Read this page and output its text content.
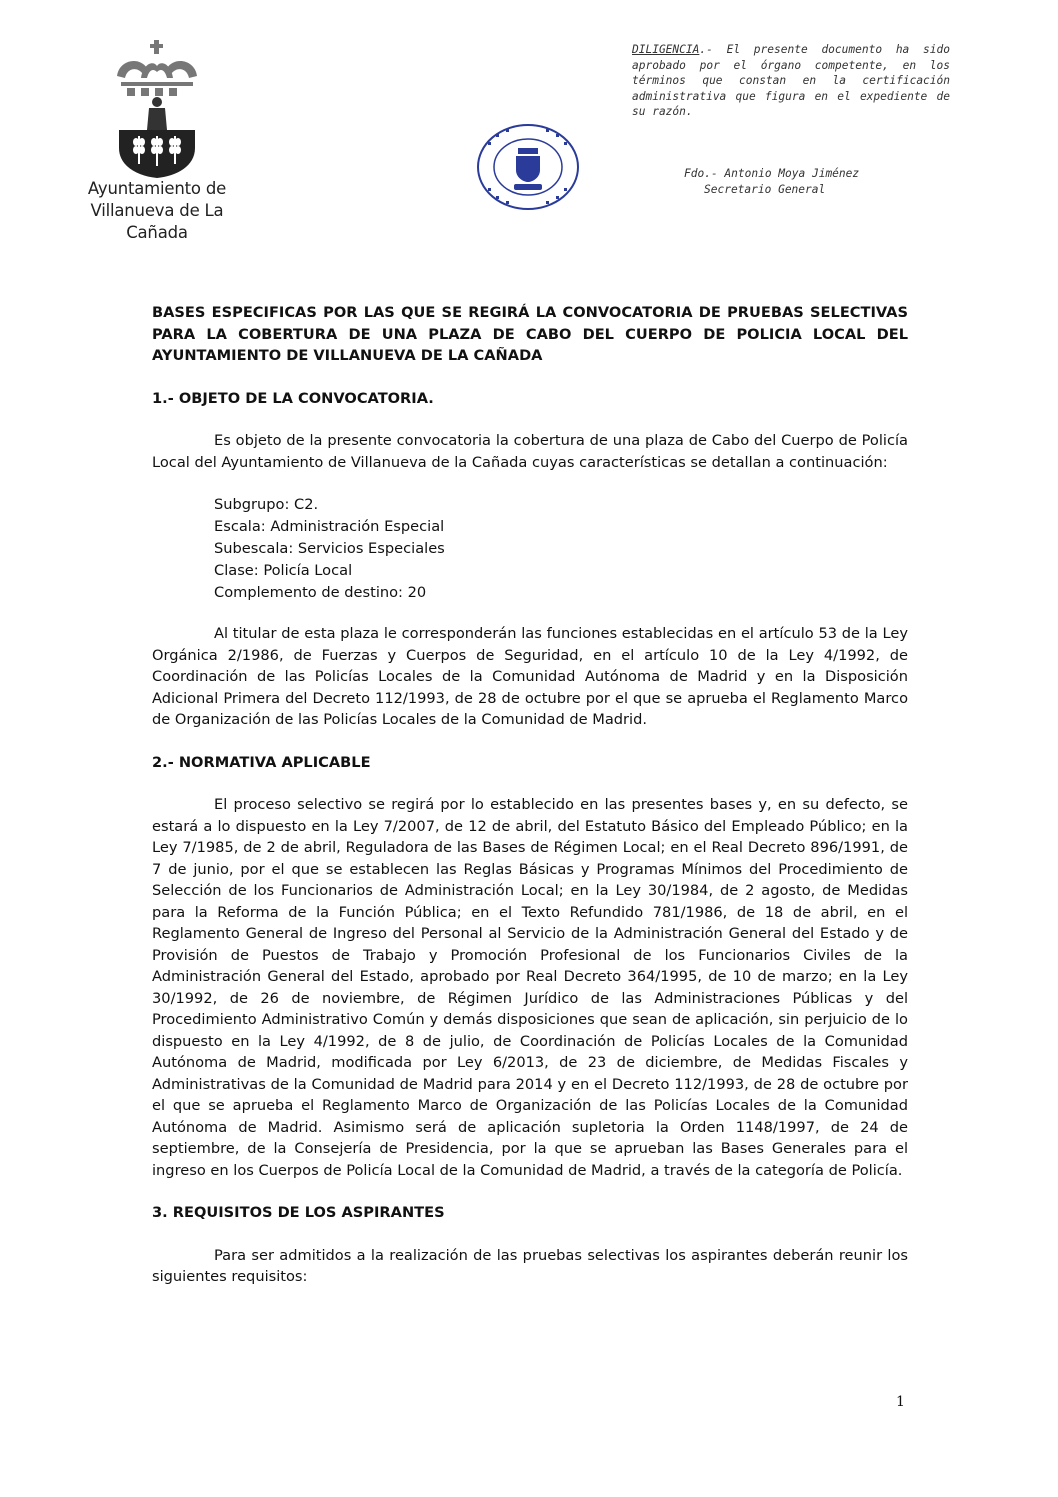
Ayuntamiento de
Villanueva de La Cañada
DILIGENCIA.- El presente documento ha sido aprobado por el órgano competente, en los términos que constan en la certificación administrativa que figura en el expediente de su razón.
Fdo.- Antonio Moya Jiménez
Secretario General

BASES ESPECIFICAS POR LAS QUE SE REGIRÁ LA CONVOCATORIA DE PRUEBAS SELECTIVAS PARA LA COBERTURA DE UNA PLAZA DE CABO DEL CUERPO DE POLICIA LOCAL DEL AYUNTAMIENTO DE VILLANUEVA DE LA CAÑADA

1.- OBJETO DE LA CONVOCATORIA.

Es objeto de la presente convocatoria la cobertura de una plaza de Cabo del Cuerpo de Policía Local del Ayuntamiento de Villanueva de la Cañada cuyas características se detallan a continuación:

Subgrupo: C2.
Escala: Administración Especial
Subescala: Servicios Especiales
Clase: Policía Local
Complemento de destino: 20

Al titular de esta plaza le corresponderán las funciones establecidas en el artículo 53 de la Ley Orgánica 2/1986, de Fuerzas y Cuerpos de Seguridad, en el artículo 10 de la Ley 4/1992, de Coordinación de las Policías Locales de la Comunidad Autónoma de Madrid y en la Disposición Adicional Primera del Decreto 112/1993, de 28 de octubre por el que se aprueba el Reglamento Marco de Organización de las Policías Locales de la Comunidad de Madrid.

2.- NORMATIVA APLICABLE

El proceso selectivo se regirá por lo establecido en las presentes bases y, en su defecto, se estará a lo dispuesto en la Ley 7/2007, de 12 de abril, del Estatuto Básico del Empleado Público; en la Ley 7/1985, de 2 de abril, Reguladora de las Bases de Régimen Local; en el Real Decreto 896/1991, de 7 de junio, por el que se establecen las Reglas Básicas y Programas Mínimos del Procedimiento de Selección de los Funcionarios de Administración Local; en la Ley 30/1984, de 2 agosto, de Medidas para la Reforma de la Función Pública; en el Texto Refundido 781/1986, de 18 de abril, en el Reglamento General de Ingreso del Personal al Servicio de la Administración General del Estado y de Provisión de Puestos de Trabajo y Promoción Profesional de los Funcionarios Civiles de la Administración General del Estado, aprobado por Real Decreto 364/1995, de 10 de marzo; en la Ley 30/1992, de 26 de noviembre, de Régimen Jurídico de las Administraciones Públicas y del Procedimiento Administrativo Común y demás disposiciones que sean de aplicación, sin perjuicio de lo dispuesto en la Ley 4/1992, de 8 de julio, de Coordinación de Policías Locales de la Comunidad Autónoma de Madrid, modificada por Ley 6/2013, de 23 de diciembre, de Medidas Fiscales y Administrativas de la Comunidad de Madrid para 2014 y en el Decreto 112/1993, de 28 de octubre por el que se aprueba el Reglamento Marco de Organización de las Policías Locales de la Comunidad Autónoma de Madrid. Asimismo será de aplicación supletoria la Orden 1148/1997, de 24 de septiembre, de la Consejería de Presidencia, por la que se aprueban las Bases Generales para el ingreso en los Cuerpos de Policía Local de la Comunidad de Madrid, a través de la categoría de Policía.

3. REQUISITOS DE LOS ASPIRANTES

Para ser admitidos a la realización de las pruebas selectivas los aspirantes deberán reunir los siguientes requisitos:

1
